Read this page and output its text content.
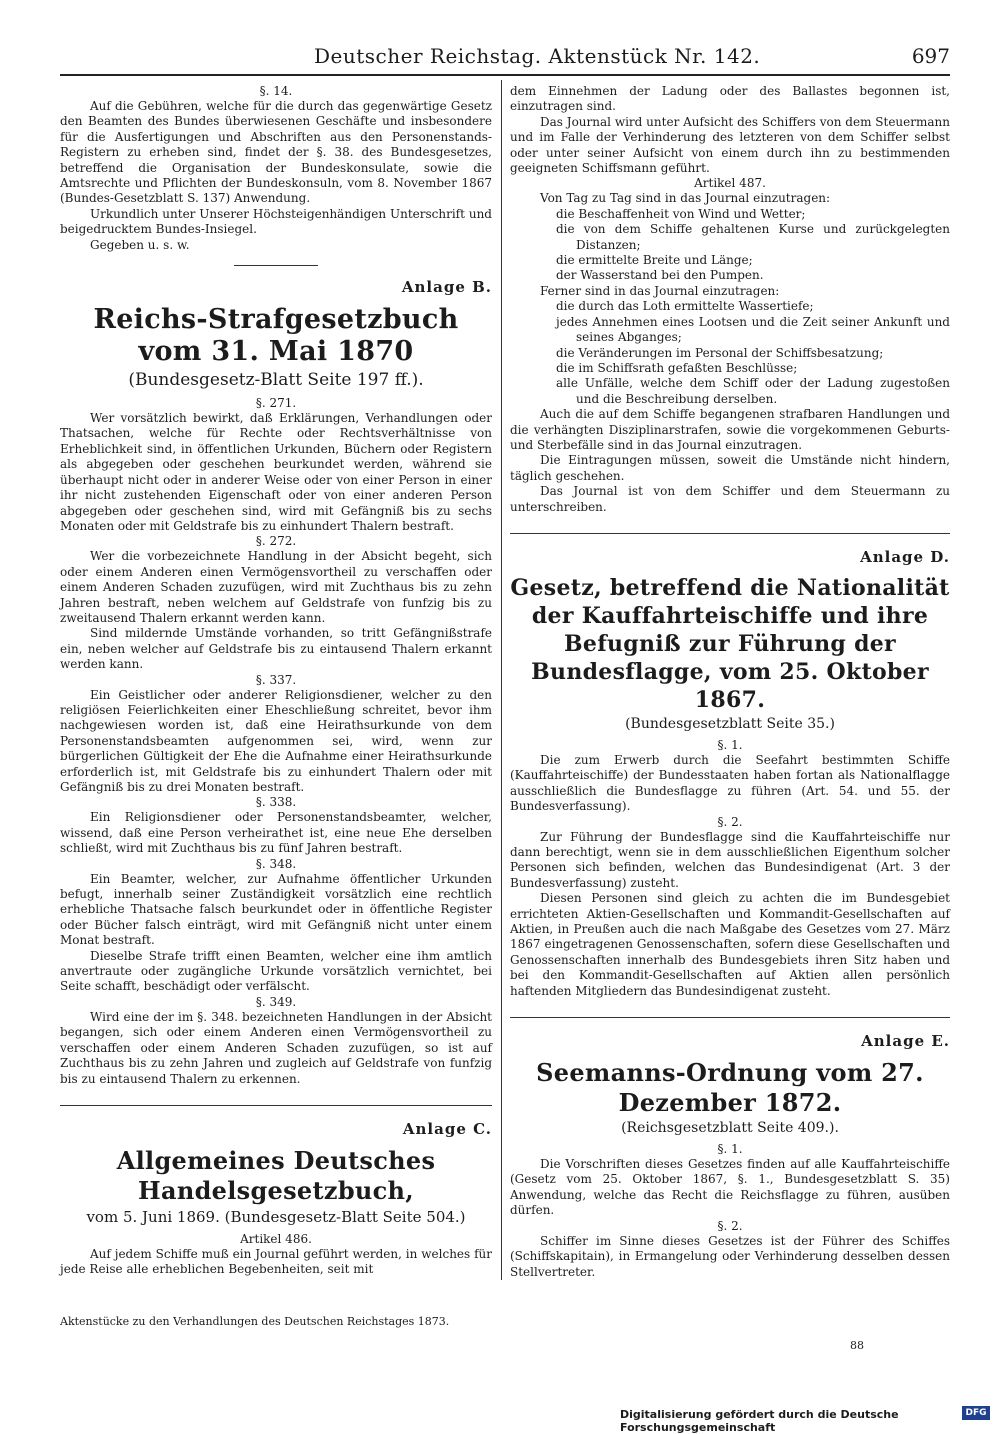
Deutscher Reichstag. Aktenstück Nr. 142.	697
§. 14.

Auf die Gebühren, welche für die durch das gegenwärtige Gesetz den Beamten des Bundes überwiesenen Geschäfte und insbesondere für die Ausfertigungen und Abschriften aus den Personenstands-Registern zu erheben sind, findet der §. 38. des Bundesgesetzes, betreffend die Organisation der Bundeskonsulate, sowie die Amtsrechte und Pflichten der Bundeskonsuln, vom 8. November 1867 (Bundes-Gesetzblatt S. 137) Anwendung.

Urkundlich unter Unserer Höchsteigenhändigen Unterschrift und beigedrucktem Bundes-Insiegel.

Gegeben u. s. w.

Anlage B.
Reichs-Strafgesetzbuch vom 31. Mai 1870
(Bundesgesetz-Blatt Seite 197 ff.).
§. 271.

Wer vorsätzlich bewirkt, daß Erklärungen, Verhandlungen oder Thatsachen, welche für Rechte oder Rechtsverhältnisse von Erheblichkeit sind, in öffentlichen Urkunden, Büchern oder Registern als abgegeben oder geschehen beurkundet werden, während sie überhaupt nicht oder in anderer Weise oder von einer Person in einer ihr nicht zustehenden Eigenschaft oder von einer anderen Person abgegeben oder geschehen sind, wird mit Gefängniß bis zu sechs Monaten oder mit Geldstrafe bis zu einhundert Thalern bestraft.

§. 272.

Wer die vorbezeichnete Handlung in der Absicht begeht, sich oder einem Anderen einen Vermögensvortheil zu verschaffen oder einem Anderen Schaden zuzufügen, wird mit Zuchthaus bis zu zehn Jahren bestraft, neben welchem auf Geldstrafe von funfzig bis zu zweitausend Thalern erkannt werden kann.

Sind mildernde Umstände vorhanden, so tritt Gefängnißstrafe ein, neben welcher auf Geldstrafe bis zu eintausend Thalern erkannt werden kann.

§. 337.

Ein Geistlicher oder anderer Religionsdiener, welcher zu den religiösen Feierlichkeiten einer Eheschließung schreitet, bevor ihm nachgewiesen worden ist, daß eine Heirathsurkunde von dem Personenstandsbeamten aufgenommen sei, wird, wenn zur bürgerlichen Gültigkeit der Ehe die Aufnahme einer Heirathsurkunde erforderlich ist, mit Geldstrafe bis zu einhundert Thalern oder mit Gefängniß bis zu drei Monaten bestraft.

§. 338.

Ein Religionsdiener oder Personenstandsbeamter, welcher, wissend, daß eine Person verheirathet ist, eine neue Ehe derselben schließt, wird mit Zuchthaus bis zu fünf Jahren bestraft.

§. 348.

Ein Beamter, welcher, zur Aufnahme öffentlicher Urkunden befugt, innerhalb seiner Zuständigkeit vorsätzlich eine rechtlich erhebliche Thatsache falsch beurkundet oder in öffentliche Register oder Bücher falsch einträgt, wird mit Gefängniß nicht unter einem Monat bestraft.

Dieselbe Strafe trifft einen Beamten, welcher eine ihm amtlich anvertraute oder zugängliche Urkunde vorsätzlich vernichtet, bei Seite schafft, beschädigt oder verfälscht.

§. 349.

Wird eine der im §. 348. bezeichneten Handlungen in der Absicht begangen, sich oder einem Anderen einen Vermögensvortheil zu verschaffen oder einem Anderen Schaden zuzufügen, so ist auf Zuchthaus bis zu zehn Jahren und zugleich auf Geldstrafe von funfzig bis zu eintausend Thalern zu erkennen.

Anlage C.
Allgemeines Deutsches Handelsgesetzbuch,
vom 5. Juni 1869. (Bundesgesetz-Blatt Seite 504.)
Artikel 486.

Auf jedem Schiffe muß ein Journal geführt werden, in welches für jede Reise alle erheblichen Begebenheiten, seit mit

Aktenstücke zu den Verhandlungen des Deutschen Reichstages 1873.

dem Einnehmen der Ladung oder des Ballastes begonnen ist, einzutragen sind.

Das Journal wird unter Aufsicht des Schiffers von dem Steuermann und im Falle der Verhinderung des letzteren von dem Schiffer selbst oder unter seiner Aufsicht von einem durch ihn zu bestimmenden geeigneten Schiffsmann geführt.

Artikel 487.

Von Tag zu Tag sind in das Journal einzutragen:

die Beschaffenheit von Wind und Wetter;

die von dem Schiffe gehaltenen Kurse und zurückgelegten Distanzen;

die ermittelte Breite und Länge;

der Wasserstand bei den Pumpen.

Ferner sind in das Journal einzutragen:

die durch das Loth ermittelte Wassertiefe;

jedes Annehmen eines Lootsen und die Zeit seiner Ankunft und seines Abganges;

die Veränderungen im Personal der Schiffsbesatzung;

die im Schiffsrath gefaßten Beschlüsse;

alle Unfälle, welche dem Schiff oder der Ladung zugestoßen und die Beschreibung derselben.

Auch die auf dem Schiffe begangenen strafbaren Handlungen und die verhängten Disziplinarstrafen, sowie die vorgekommenen Geburts- und Sterbefälle sind in das Journal einzutragen.

Die Eintragungen müssen, soweit die Umstände nicht hindern, täglich geschehen.

Das Journal ist von dem Schiffer und dem Steuermann zu unterschreiben.

Anlage D.
Gesetz, betreffend die Nationalität der Kauffahrteischiffe und ihre Befugniß zur Führung der Bundesflagge, vom 25. Oktober 1867.
(Bundesgesetzblatt Seite 35.)
§. 1.

Die zum Erwerb durch die Seefahrt bestimmten Schiffe (Kauffahrteischiffe) der Bundesstaaten haben fortan als Nationalflagge ausschließlich die Bundesflagge zu führen (Art. 54. und 55. der Bundesverfassung).

§. 2.

Zur Führung der Bundesflagge sind die Kauffahrteischiffe nur dann berechtigt, wenn sie in dem ausschließlichen Eigenthum solcher Personen sich befinden, welchen das Bundesindigenat (Art. 3 der Bundesverfassung) zusteht.

Diesen Personen sind gleich zu achten die im Bundesgebiet errichteten Aktien-Gesellschaften und Kommandit-Gesellschaften auf Aktien, in Preußen auch die nach Maßgabe des Gesetzes vom 27. März 1867 eingetragenen Genossenschaften, sofern diese Gesellschaften und Genossenschaften innerhalb des Bundesgebiets ihren Sitz haben und bei den Kommandit-Gesellschaften auf Aktien allen persönlich haftenden Mitgliedern das Bundesindigenat zusteht.

Anlage E.
Seemanns-Ordnung vom 27. Dezember 1872.
(Reichsgesetzblatt Seite 409.).
§. 1.

Die Vorschriften dieses Gesetzes finden auf alle Kauffahrteischiffe (Gesetz vom 25. Oktober 1867, §. 1., Bundesgesetzblatt S. 35) Anwendung, welche das Recht die Reichsflagge zu führen, ausüben dürfen.

§. 2.

Schiffer im Sinne dieses Gesetzes ist der Führer des Schiffes (Schiffskapitain), in Ermangelung oder Verhinderung desselben dessen Stellvertreter.

88
Digitalisierung gefördert durch die Deutsche Forschungsgemeinschaft
DFG
